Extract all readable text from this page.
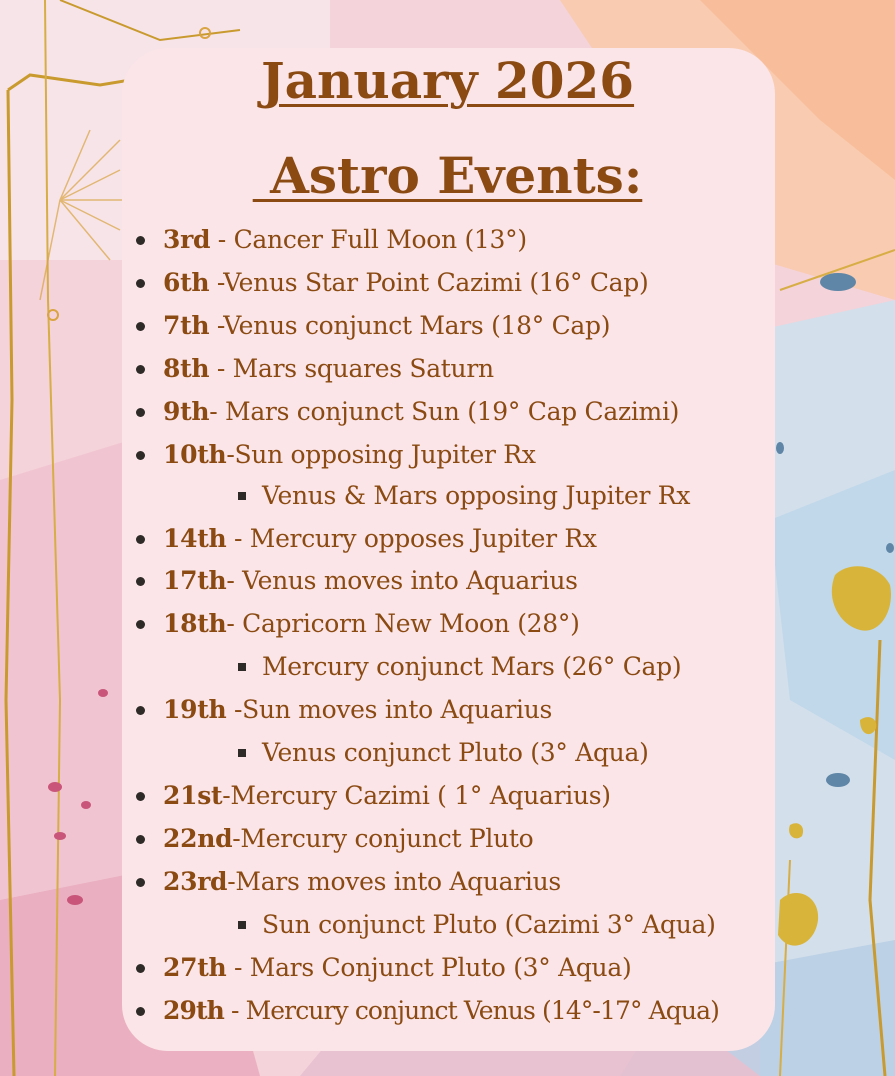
January 2026
Astro Events:
3rd - Cancer Full Moon (13°)
6th -Venus Star Point Cazimi (16° Cap)
7th -Venus conjunct Mars (18° Cap)
8th - Mars squares Saturn
9th- Mars conjunct Sun (19° Cap Cazimi)
10th-Sun opposing Jupiter Rx
Venus & Mars opposing Jupiter Rx
14th - Mercury opposes Jupiter Rx
17th- Venus moves into Aquarius
18th- Capricorn New Moon (28°)
Mercury conjunct Mars (26° Cap)
19th -Sun moves into Aquarius
Venus conjunct Pluto (3° Aqua)
21st-Mercury Cazimi ( 1° Aquarius)
22nd-Mercury conjunct Pluto
23rd-Mars moves into Aquarius
Sun conjunct Pluto (Cazimi 3° Aqua)
27th - Mars Conjunct Pluto (3° Aqua)
29th - Mercury conjunct Venus (14°-17° Aqua)
